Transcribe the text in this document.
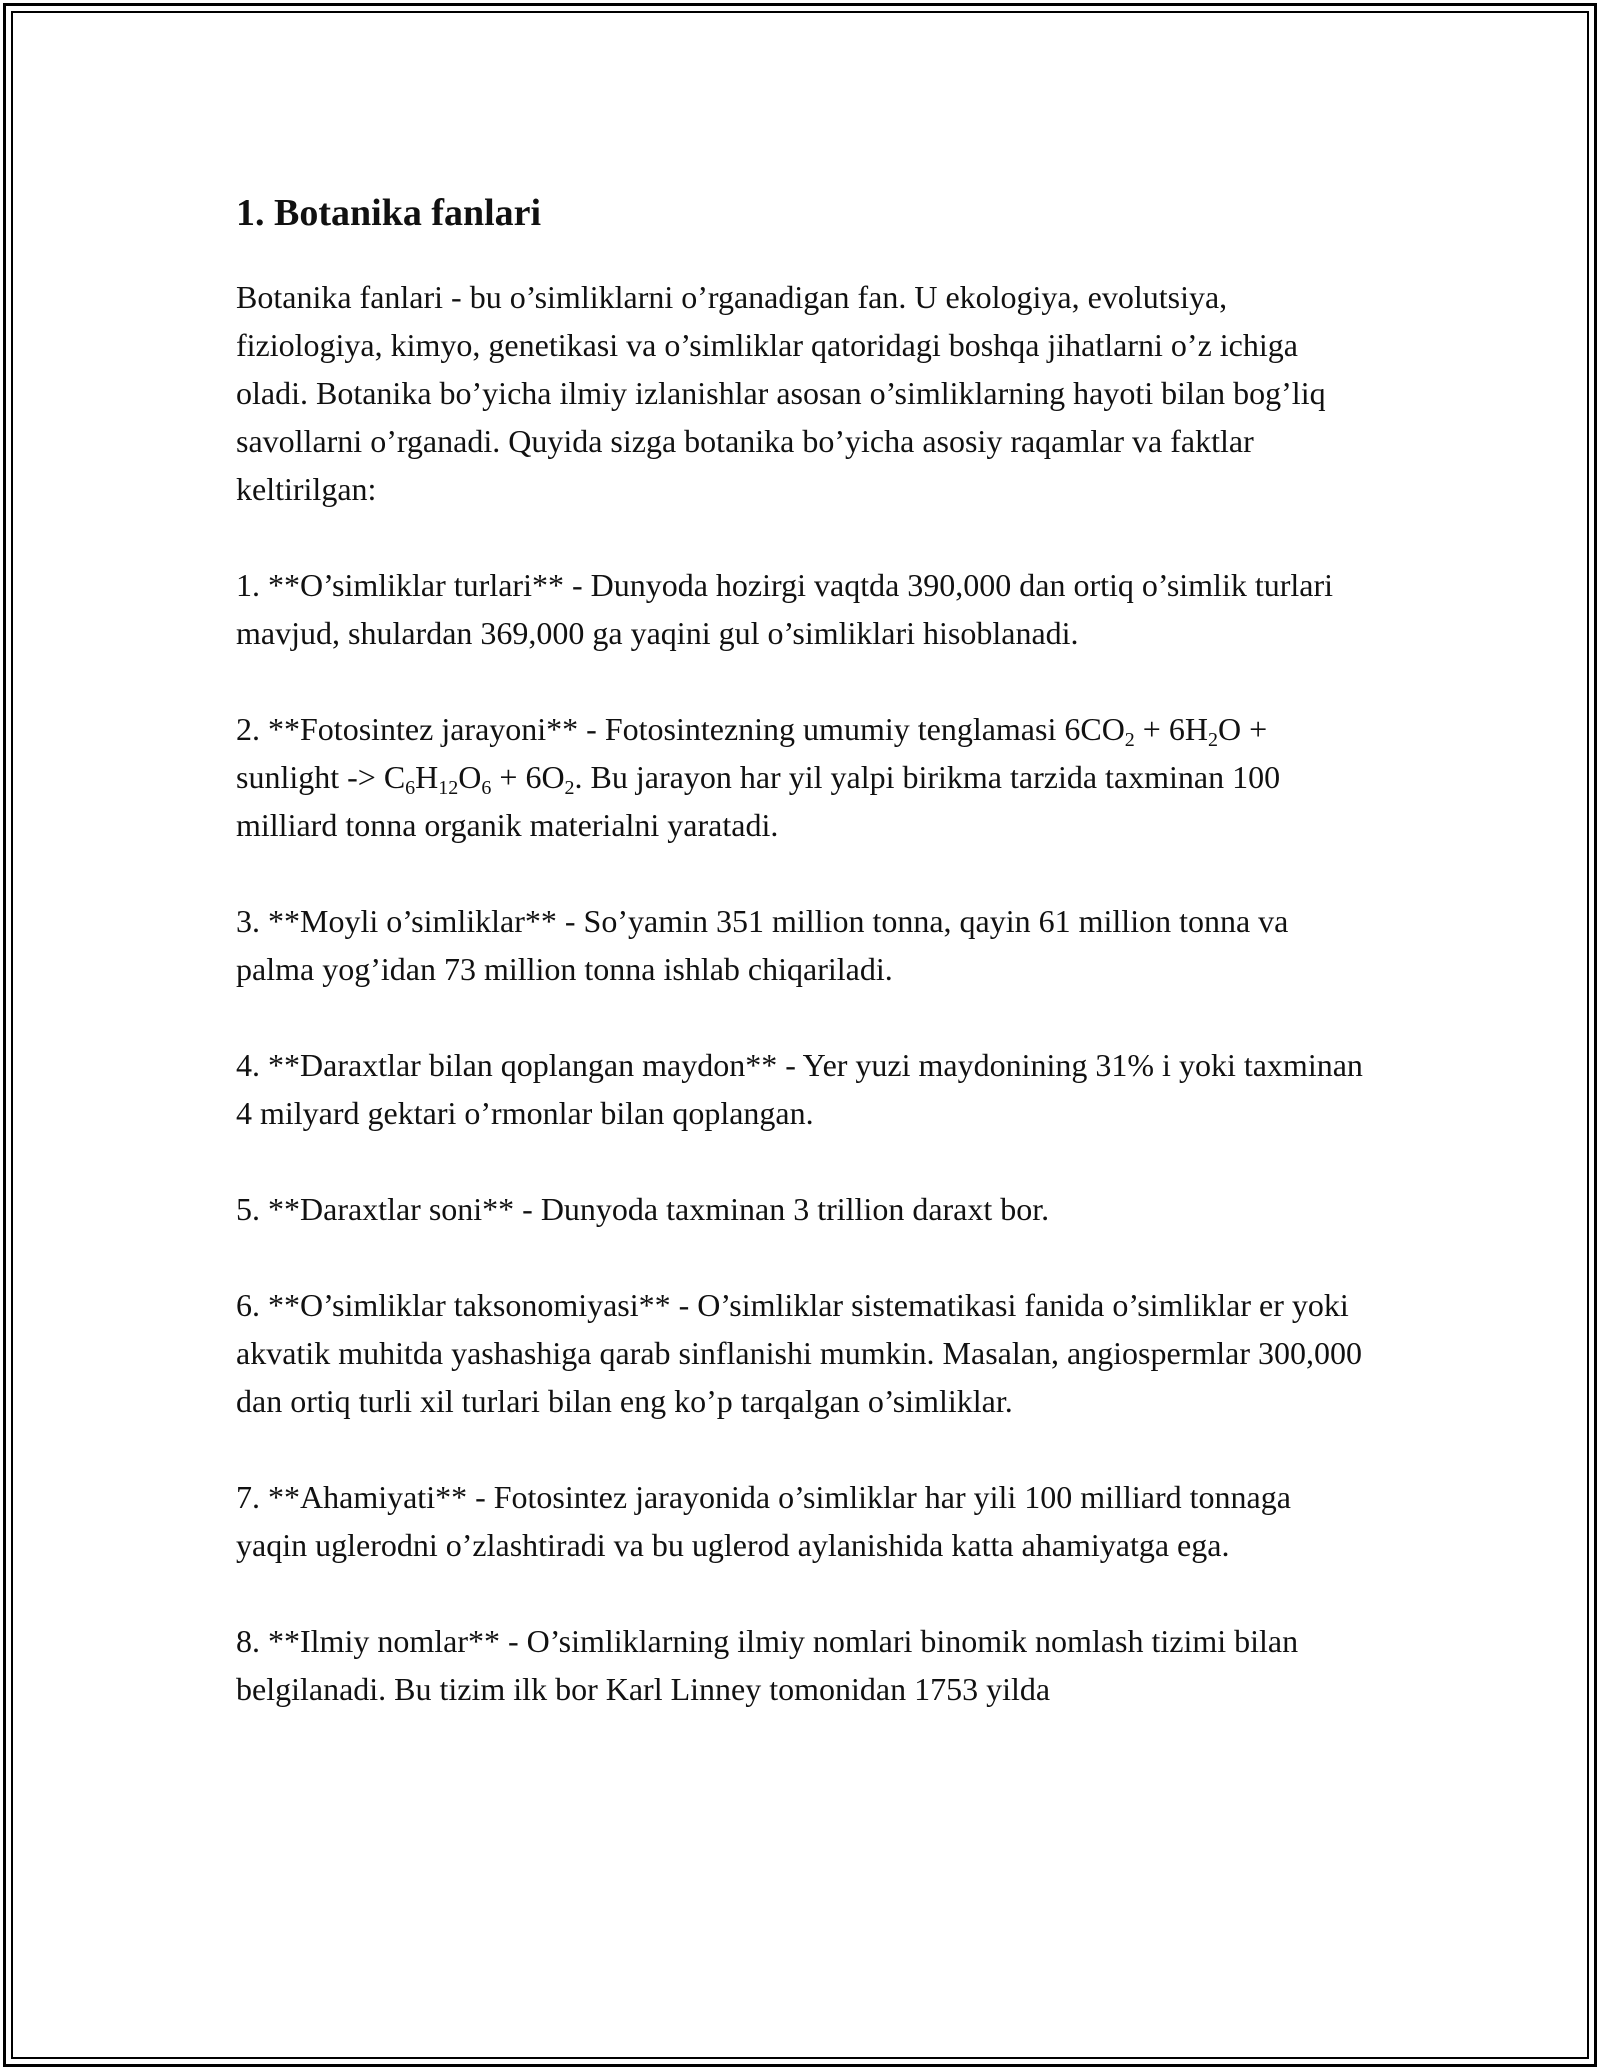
1. Botanika fanlari

Botanika fanlari - bu o’simliklarni o’rganadigan fan. U ekologiya, evolutsiya, fiziologiya, kimyo, genetikasi va o’simliklar qatoridagi boshqa jihatlarni o’z ichiga oladi. Botanika bo’yicha ilmiy izlanishlar asosan o’simliklarning hayoti bilan bog’liq savollarni o’rganadi. Quyida sizga botanika bo’yicha asosiy raqamlar va faktlar keltirilgan:

1. **O’simliklar turlari** - Dunyoda hozirgi vaqtda 390,000 dan ortiq o’simlik turlari mavjud, shulardan 369,000 ga yaqini gul o’simliklari hisoblanadi.

2. **Fotosintez jarayoni** - Fotosintezning umumiy tenglamasi $6CO_2 + 6H_2O$ + sunlight -> $C_6H_{12}O_6 + 6O_2$. Bu jarayon har yil yalpi birikma tarzida taxminan 100 milliard tonna organik materialni yaratadi.

3. **Moyli o’simliklar** - So’yamin 351 million tonna, qayin 61 million tonna va palma yog’idan 73 million tonna ishlab chiqariladi.

4. **Daraxtlar bilan qoplangan maydon** - Yer yuzi maydonining 31% i yoki taxminan 4 milyard gektari o’rmonlar bilan qoplangan.

5. **Daraxtlar soni** - Dunyoda taxminan 3 trillion daraxt bor.

6. **O’simliklar taksonomiyasi** - O’simliklar sistematikasi fanida o’simliklar er yoki akvatik muhitda yashashiga qarab sinflanishi mumkin. Masalan, angiospermlar 300,000 dan ortiq turli xil turlari bilan eng ko’p tarqalgan o’simliklar.

7. **Ahamiyati** - Fotosintez jarayonida o’simliklar har yili 100 milliard tonnaga yaqin uglerodni o’zlashtiradi va bu uglerod aylanishida katta ahamiyatga ega.

8. **Ilmiy nomlar** - O’simliklarning ilmiy nomlari binomik nomlash tizimi bilan belgilanadi. Bu tizim ilk bor Karl Linney tomonidan 1753 yilda
